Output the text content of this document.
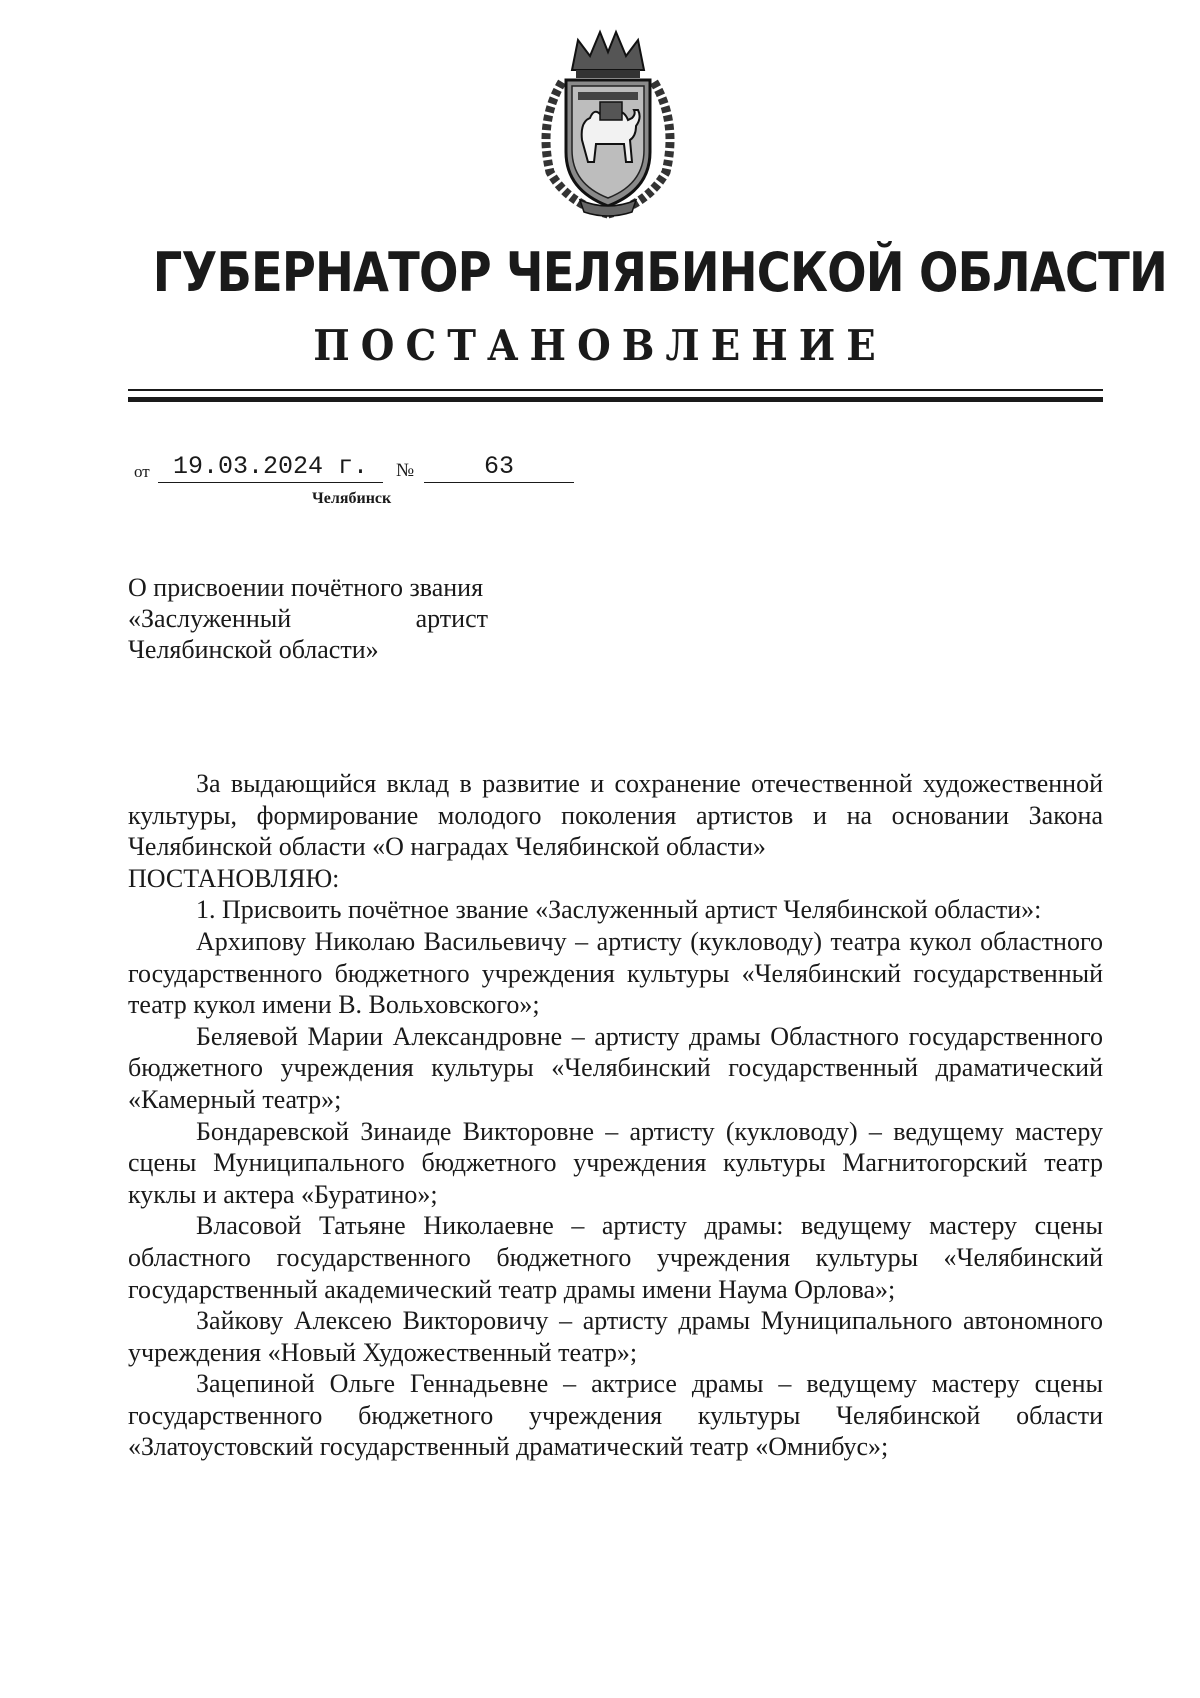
ГУБЕРНАТОР ЧЕЛЯБИНСКОЙ ОБЛАСТИ
ПОСТАНОВЛЕНИЕ
от 19.03.2024 г.	№	63
Челябинск
О присвоении почётного звания
«Заслуженный	артист
Челябинской области»

За выдающийся вклад в развитие и сохранение отечественной художественной культуры, формирование молодого поколения артистов и на основании Закона Челябинской области «О наградах Челябинской области»

ПОСТАНОВЛЯЮ:

1. Присвоить почётное звание «Заслуженный артист Челябинской области»:

Архипову Николаю Васильевичу – артисту (кукловоду) театра кукол областного государственного бюджетного учреждения культуры «Челябинский государственный театр кукол имени В. Вольховского»;

Беляевой Марии Александровне – артисту драмы Областного государственного бюджетного учреждения культуры «Челябинский государственный драматический «Камерный театр»;

Бондаревской Зинаиде Викторовне – артисту (кукловоду) – ведущему мастеру сцены Муниципального бюджетного учреждения культуры Магнитогорский театр куклы и актера «Буратино»;

Власовой Татьяне Николаевне – артисту драмы: ведущему мастеру сцены областного государственного бюджетного учреждения культуры «Челябинский государственный академический театр драмы имени Наума Орлова»;

Зайкову Алексею Викторовичу – артисту драмы Муниципального автономного учреждения «Новый Художественный театр»;

Зацепиной Ольге Геннадьевне – актрисе драмы – ведущему мастеру сцены государственного бюджетного учреждения культуры Челябинской области «Златоустовский государственный драматический театр «Омнибус»;
